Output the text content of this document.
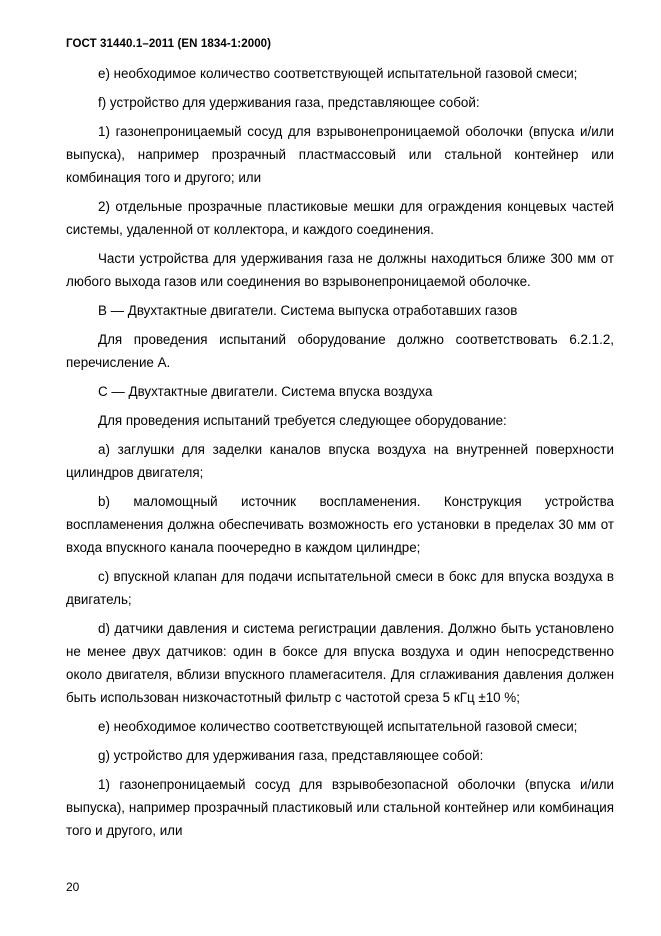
ГОСТ 31440.1–2011 (EN 1834-1:2000)

e) необходимое количество соответствующей испытательной газовой смеси;

f) устройство для удерживания газа, представляющее собой:

1) газонепроницаемый сосуд для взрывонепроницаемой оболочки (впуска и/или выпуска), например прозрачный пластмассовый или стальной контейнер или комбинация того и другого; или

2) отдельные прозрачные пластиковые мешки для ограждения концевых частей системы, удаленной от коллектора, и каждого соединения.

Части устройства для удерживания газа не должны находиться ближе 300 мм от любого выхода газов или соединения во взрывонепроницаемой оболочке.

В — Двухтактные двигатели. Система выпуска отработавших газов

Для проведения испытаний оборудование должно соответствовать 6.2.1.2, перечисление А.

С — Двухтактные двигатели. Система впуска воздуха

Для проведения испытаний требуется следующее оборудование:

a) заглушки для заделки каналов впуска воздуха на внутренней поверхности цилиндров двигателя;

b) маломощный источник воспламенения. Конструкция устройства воспламенения должна обеспечивать возможность его установки в пределах 30 мм от входа впускного канала поочередно в каждом цилиндре;

c) впускной клапан для подачи испытательной смеси в бокс для впуска воздуха в двигатель;

d) датчики давления и система регистрации давления. Должно быть установлено не менее двух датчиков: один в боксе для впуска воздуха и один непосредственно около двигателя, вблизи впускного пламегасителя. Для сглаживания давления должен быть использован низкочастотный фильтр с частотой среза 5 кГц ±10 %;

e) необходимое количество соответствующей испытательной газовой смеси;

g) устройство для удерживания газа, представляющее собой:

1) газонепроницаемый сосуд для взрывобезопасной оболочки (впуска и/или выпуска), например прозрачный пластиковый или стальной контейнер или комбинация того и другого, или

20
